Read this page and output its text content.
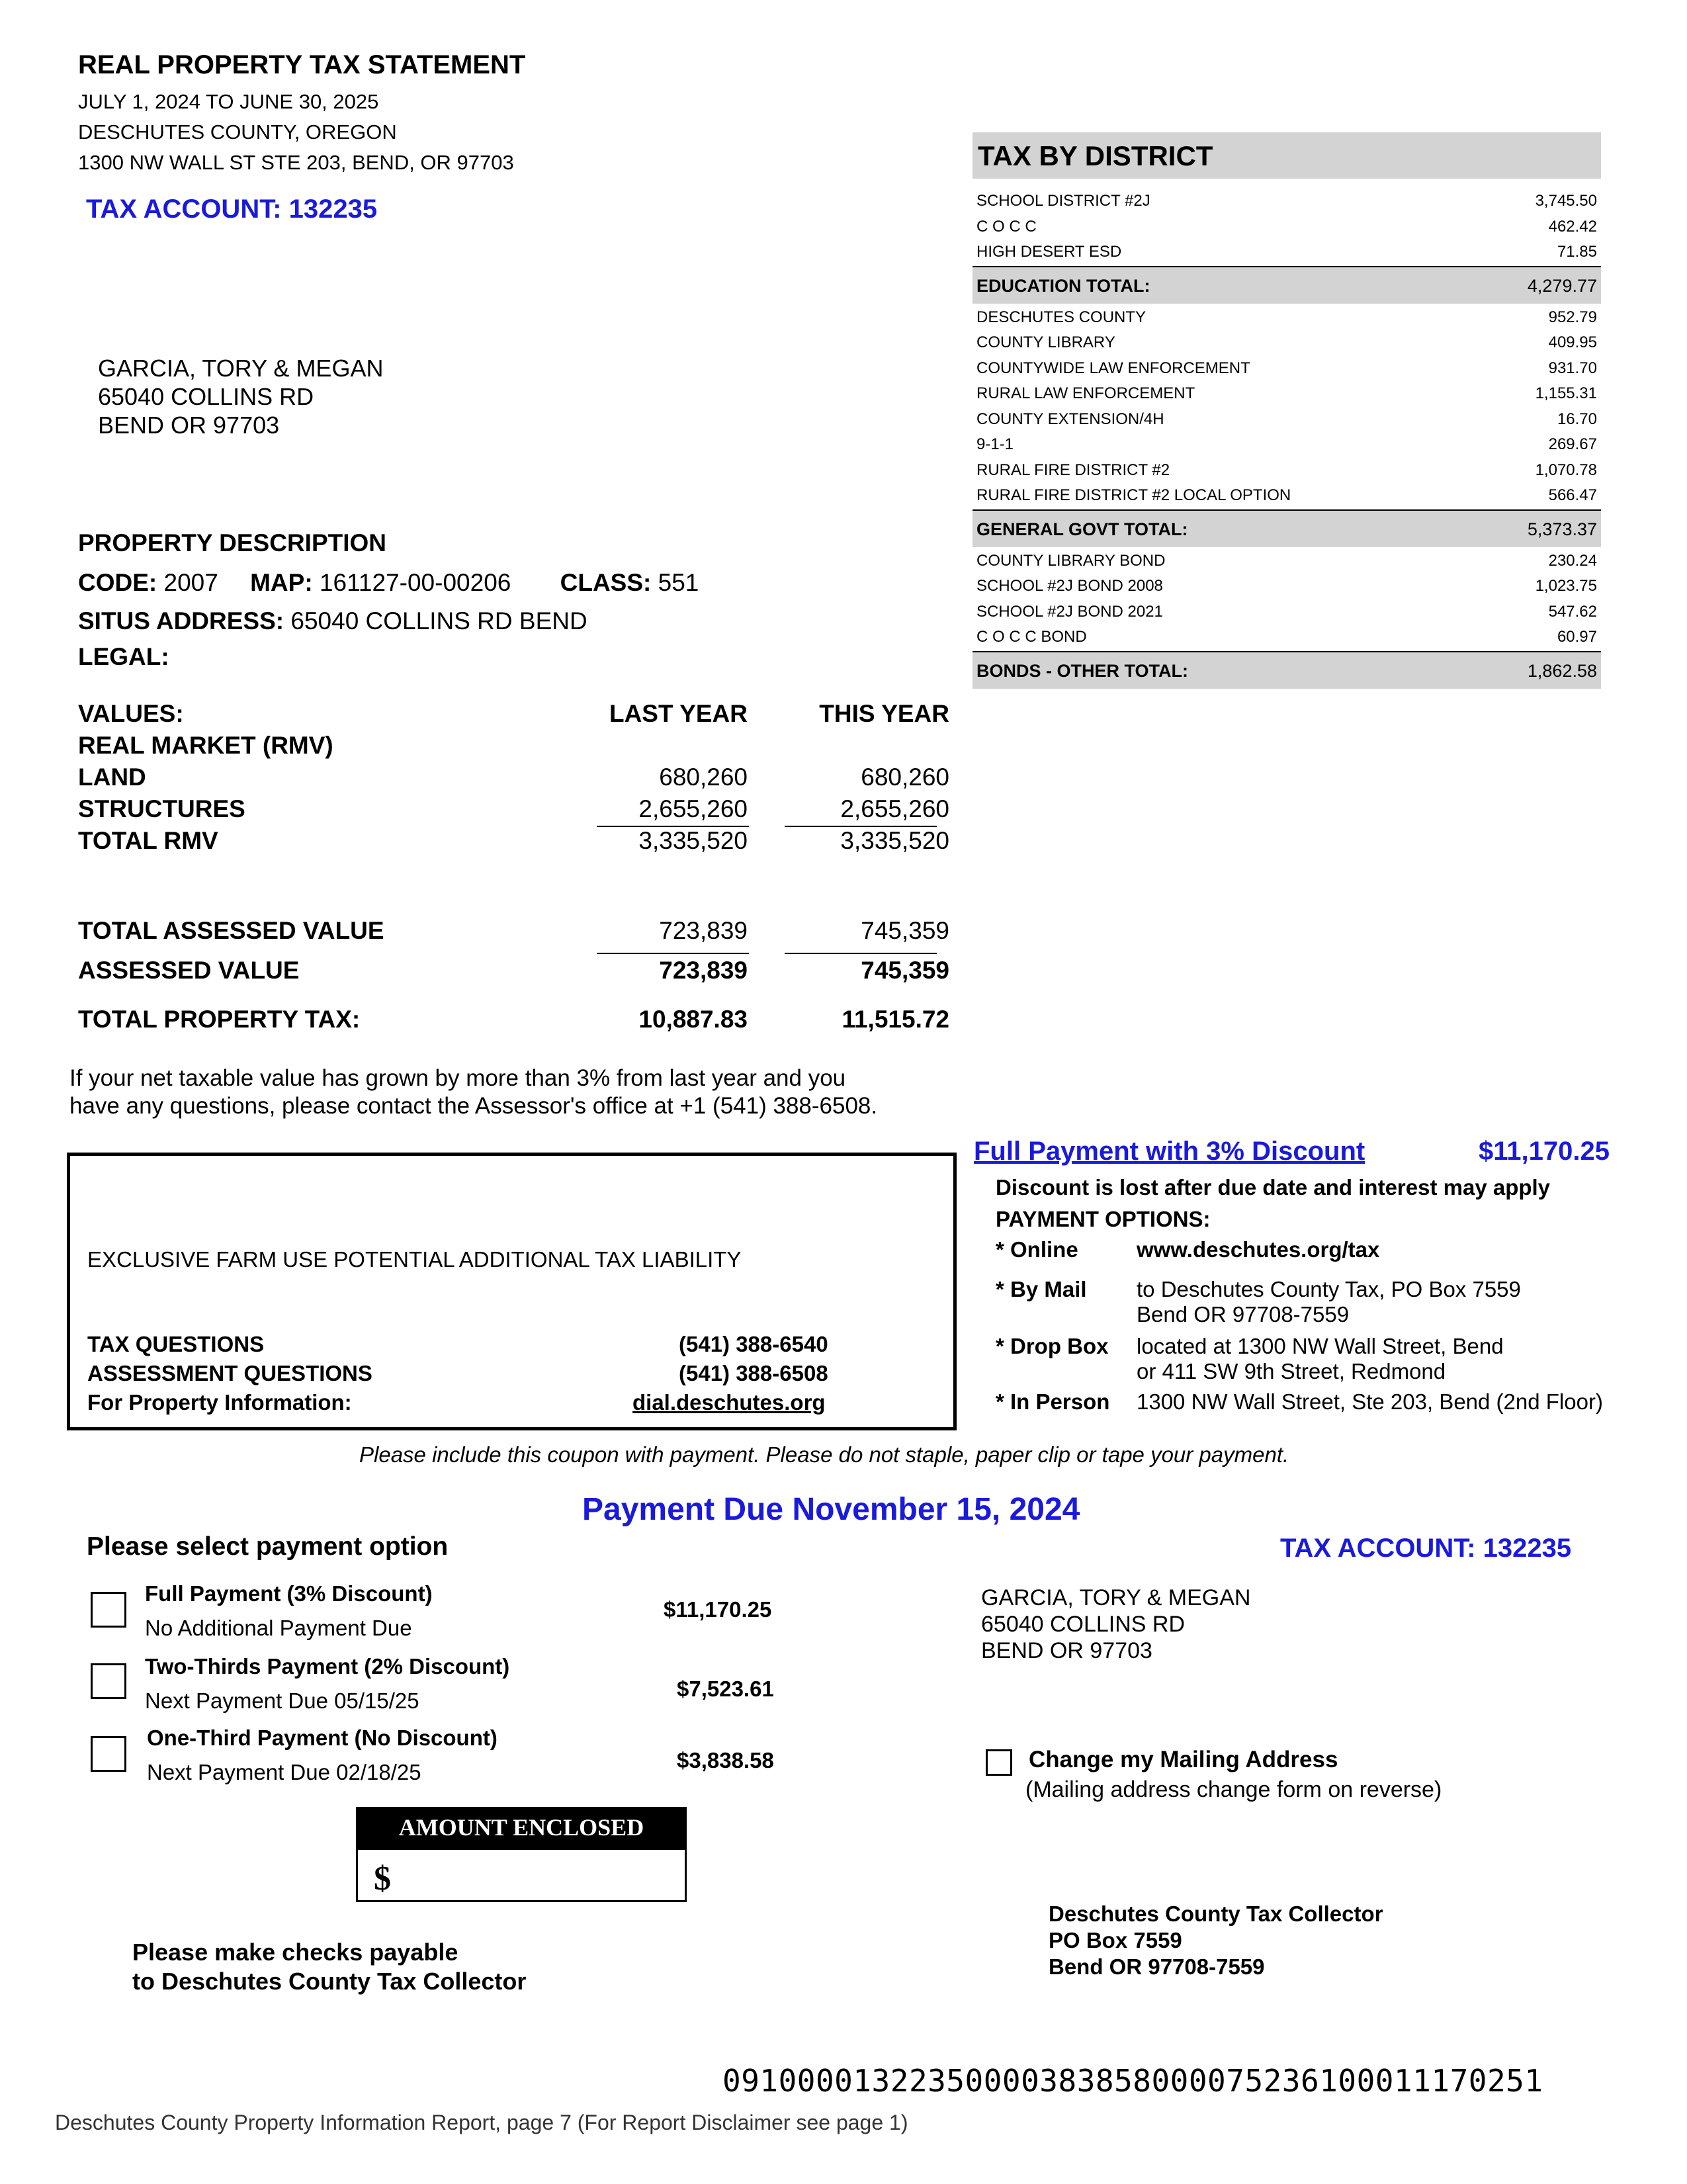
REAL PROPERTY TAX STATEMENT
JULY 1, 2024 TO JUNE 30, 2025
DESCHUTES COUNTY, OREGON
1300 NW WALL ST STE 203, BEND, OR 97703
TAX ACCOUNT: 132235
GARCIA, TORY & MEGAN
65040 COLLINS RD
BEND OR 97703
PROPERTY DESCRIPTION
CODE: 2007 MAP: 161127-00-00206 CLASS: 551
SITUS ADDRESS: 65040 COLLINS RD BEND
LEGAL:
VALUES:	LAST YEAR	THIS YEAR
REAL MARKET (RMV)
LAND	680,260	680,260
STRUCTURES	2,655,260	2,655,260
TOTAL RMV	3,335,520	3,335,520
TOTAL ASSESSED VALUE	723,839	745,359
ASSESSED VALUE	723,839	745,359
TOTAL PROPERTY TAX:	10,887.83	11,515.72
If your net taxable value has grown by more than 3% from last year and you
have any questions, please contact the Assessor's office at +1 (541) 388-6508.
TAX BY DISTRICT
SCHOOL DISTRICT #2J	3,745.50
C O C C	462.42
HIGH DESERT ESD	71.85
EDUCATION TOTAL:	4,279.77
DESCHUTES COUNTY	952.79
COUNTY LIBRARY	409.95
COUNTYWIDE LAW ENFORCEMENT	931.70
RURAL LAW ENFORCEMENT	1,155.31
COUNTY EXTENSION/4H	16.70
9-1-1	269.67
RURAL FIRE DISTRICT #2	1,070.78
RURAL FIRE DISTRICT #2 LOCAL OPTION	566.47
GENERAL GOVT TOTAL:	5,373.37
COUNTY LIBRARY BOND	230.24
SCHOOL #2J BOND 2008	1,023.75
SCHOOL #2J BOND 2021	547.62
C O C C BOND	60.97
BONDS - OTHER TOTAL:	1,862.58
EXCLUSIVE FARM USE POTENTIAL ADDITIONAL TAX LIABILITY
TAX QUESTIONS	(541) 388-6540
ASSESSMENT QUESTIONS	(541) 388-6508
For Property Information:	dial.deschutes.org
Full Payment with 3% Discount	$11,170.25
Discount is lost after due date and interest may apply
PAYMENT OPTIONS:
* Online	www.deschutes.org/tax
* By Mail to Deschutes County Tax, PO Box 7559
Bend OR 97708-7559
* Drop Box located at 1300 NW Wall Street, Bend
or 411 SW 9th Street, Redmond
* In Person 1300 NW Wall Street, Ste 203, Bend (2nd Floor)
Please include this coupon with payment. Please do not staple, paper clip or tape your payment.
Payment Due November 15, 2024
Please select payment option	TAX ACCOUNT: 132235
Full Payment (3% Discount)
No Additional Payment Due
$11,170.25
Two-Thirds Payment (2% Discount)
Next Payment Due 05/15/25	$7,523.61
One-Third Payment (No Discount)
Next Payment Due 02/18/25	$3,838.58
AMOUNT ENCLOSED
$
Please make checks payable
to Deschutes County Tax Collector
GARCIA, TORY & MEGAN
65040 COLLINS RD
BEND OR 97703
Change my Mailing Address
(Mailing address change form on reverse)
Deschutes County Tax Collector
PO Box 7559
Bend OR 97708-7559
09100001322350000383858000075236100011170251
Deschutes County Property Information Report, page 7 (For Report Disclaimer see page 1)
